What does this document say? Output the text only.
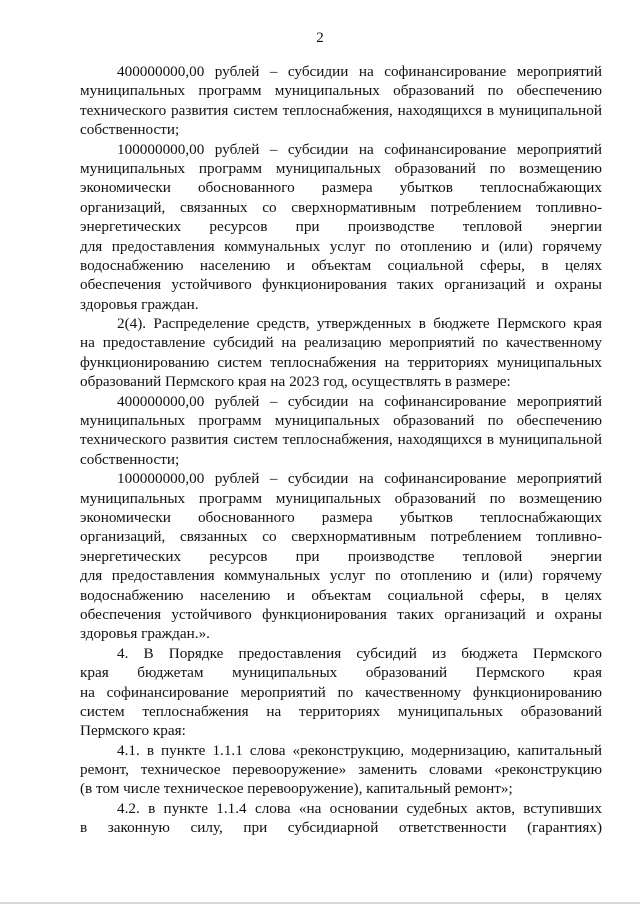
2
400000000,00 рублей – субсидии на софинансирование мероприятий
муниципальных программ муниципальных образований по обеспечению
технического развития систем теплоснабжения, находящихся в муниципальной
собственности;
100000000,00 рублей – субсидии на софинансирование мероприятий
муниципальных программ муниципальных образований по возмещению
экономически обоснованного размера убытков теплоснабжающих
организаций, связанных со сверхнормативным потреблением топливно-
энергетических ресурсов при производстве тепловой энергии
для предоставления коммунальных услуг по отоплению и (или) горячему
водоснабжению населению и объектам социальной сферы, в целях
обеспечения устойчивого функционирования таких организаций и охраны
здоровья граждан.
2(4). Распределение средств, утвержденных в бюджете Пермского края
на предоставление субсидий на реализацию мероприятий по качественному
функционированию систем теплоснабжения на территориях муниципальных
образований Пермского края на 2023 год, осуществлять в размере:
400000000,00 рублей – субсидии на софинансирование мероприятий
муниципальных программ муниципальных образований по обеспечению
технического развития систем теплоснабжения, находящихся в муниципальной
собственности;
100000000,00 рублей – субсидии на софинансирование мероприятий
муниципальных программ муниципальных образований по возмещению
экономически обоснованного размера убытков теплоснабжающих
организаций, связанных со сверхнормативным потреблением топливно-
энергетических ресурсов при производстве тепловой энергии
для предоставления коммунальных услуг по отоплению и (или) горячему
водоснабжению населению и объектам социальной сферы, в целях
обеспечения устойчивого функционирования таких организаций и охраны
здоровья граждан.».
4. В Порядке предоставления субсидий из бюджета Пермского
края бюджетам муниципальных образований Пермского края
на софинансирование мероприятий по качественному функционированию
систем теплоснабжения на территориях муниципальных образований
Пермского края:
4.1. в пункте 1.1.1 слова «реконструкцию, модернизацию, капитальный
ремонт, техническое перевооружение» заменить словами «реконструкцию
(в том числе техническое перевооружение), капитальный ремонт»;
4.2. в пункте 1.1.4 слова «на основании судебных актов, вступивших
в законную силу, при субсидиарной ответственности (гарантиях)
